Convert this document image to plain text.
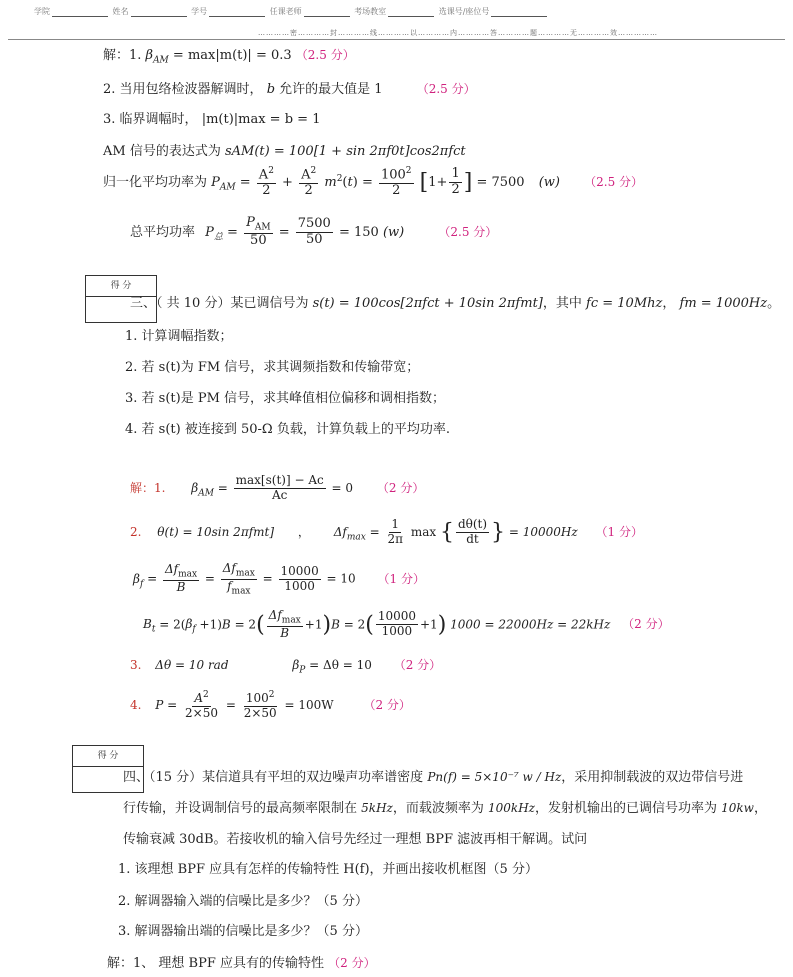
学院	姓名	学号	任课老师	考场教室	选课号/座位号
…………密…………封…………线…………以…………内…………答…………题…………无…………效……………
解：1. $\beta_{AM} = \max|m(t)| = 0.3$ （2.5 分）
2. 当用包络检波器解调时， b 允许的最大值是 1	（2.5 分）
3. 临界调幅时， |m(t)|max = b = 1
AM 信号的表达式为 sAM(t) = 100[1 + sin 2πf0t]cos2πfct
归一化平均功率为 $P_{AM} = \frac{A^2}{2} + \frac{A^2}{2} m^2(t) = \frac{100^2}{2} [1+ \frac{1}{2}$ ] = 7500 (w) （2.5 分）
总平均功率 $P_总 = \frac{P_{AM}}{50} = \frac{7500}{50} = 150$ (w)	（2.5 分）
得 分
三、（ 共 10 分）某已调信号为 s(t) = 100cos[2πfct + 10sin 2πfmt]，其中 fc = 10Mhz， fm = 1000Hz。
1. 计算调幅指数；
2. 若 s(t)为 FM 信号，求其调频指数和传输带宽；
3. 若 s(t)是 PM 信号，求其峰值相位偏移和调相指数；
4. 若 s(t) 被连接到 50-Ω 负载，计算负载上的平均功率.
解：1. $\beta_{AM} = \frac{\max[s(t)] - Ac}{Ac} = 0$ （2 分）
2. θ(t) = 10sin 2πfmt] ， $\Delta f_{max} = \frac{1}{2\pi}$ max { $\frac{d\theta(t)}{dt}$ } = 10000Hz （1 分）
$\beta_f = \frac{\Delta f_{max}}{B} = \frac{\Delta f_{max}}{f_{max}} = \frac{10000}{1000} = 10$ （1 分）
$B_t = 2(\beta_f +1)B = 2( \frac{\Delta f_{max}}{B} +1)B = 2( \frac{10000}{1000} +1) 1000 = 22000Hz = 22kHz$ （2 分）
3. Δθ = 10 rad	$\beta_P = \Delta\theta = 10$ （2 分）
4. $P = \frac{A^2}{2\times 50} = \frac{100^2}{2\times 50} = 100W$ （2 分）
得 分
四、（15 分）某信道具有平坦的双边噪声功率谱密度 Pn(f) = 5×10⁻⁷ w / Hz，采用抑制载波的双边带信号进
行传输，并设调制信号的最高频率限制在 5kHz，而载波频率为 100kHz，发射机输出的已调信号功率为 10kw，
传输衰减 30dB。若接收机的输入信号先经过一理想 BPF 滤波再相干解调。试问
1. 该理想 BPF 应具有怎样的传输特性 H(f)，并画出接收机框图（5 分）
2. 解调器输入端的信噪比是多少？（5 分）
3. 解调器输出端的信噪比是多少？（5 分）
解：1、 理想 BPF 应具有的传输特性 （2 分）
